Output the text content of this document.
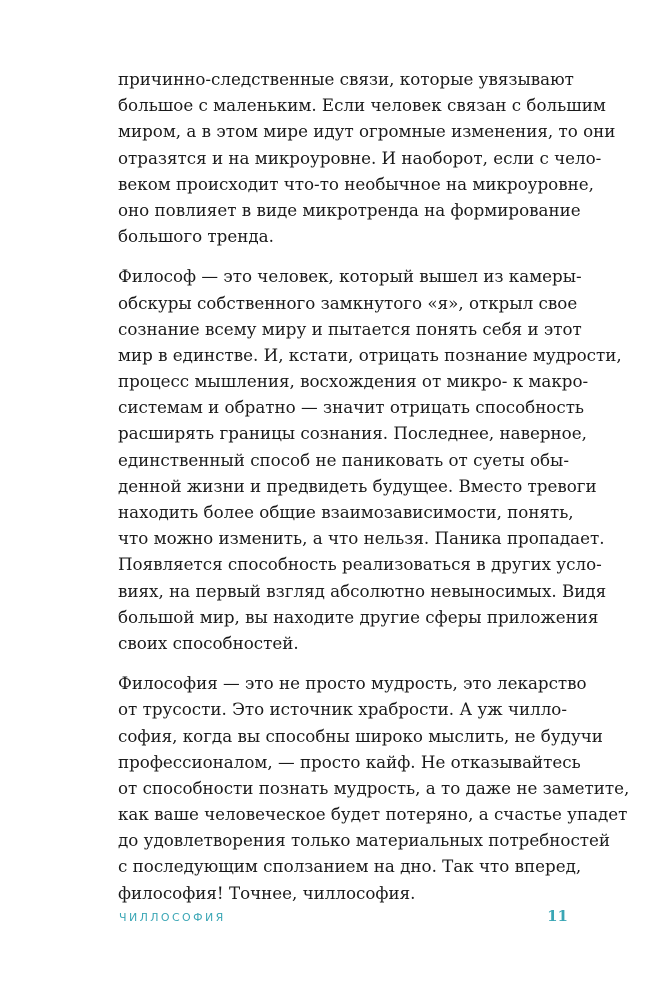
причинно-следственные связи, которые увязывают
большое с маленьким. Если человек связан с большим
миром, а в этом мире идут огромные изменения, то они
отразятся и на микроуровне. И наоборот, если с чело-
веком происходит что-то необычное на микроуровне,
оно повлияет в виде микротренда на формирование
большого тренда.
Философ — это человек, который вышел из камеры-
обскуры собственного замкнутого «я», открыл свое
сознание всему миру и пытается понять себя и этот
мир в единстве. И, кстати, отрицать познание мудрости,
процесс мышления, восхождения от микро- к макро-
системам и обратно — значит отрицать способность
расширять границы сознания. Последнее, наверное,
единственный способ не паниковать от суеты обы-
денной жизни и предвидеть будущее. Вместо тревоги
находить более общие взаимозависимости, понять,
что можно изменить, а что нельзя. Паника пропадает.
Появляется способность реализоваться в других усло-
виях, на первый взгляд абсолютно невыносимых. Видя
большой мир, вы находите другие сферы приложения
своих способностей.
Философия — это не просто мудрость, это лекарство
от трусости. Это источник храбрости. А уж чилло-
софия, когда вы способны широко мыслить, не будучи
профессионалом, — просто кайф. Не отказывайтесь
от способности познать мудрость, а то даже не заметите,
как ваше человеческое будет потеряно, а счастье упадет
до удовлетворения только материальных потребностей
с последующим сползанием на дно. Так что вперед,
философия! Точнее, чиллософия.
ЧИЛЛОСОФИЯ	11
